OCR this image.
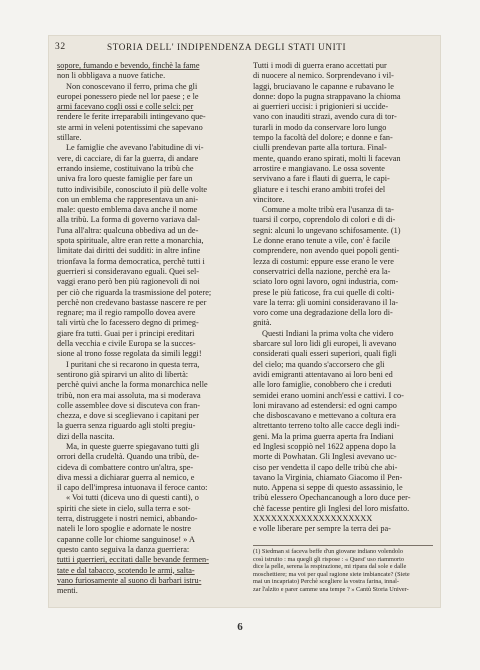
32	STORIA DELL' INDIPENDENZA DEGLI STATI UNITI
sopore, fumando e bevendo, finchè la fame
non li obbligava a nuove fatiche.
Non conoscevano il ferro, prima che gli
europei ponessero piede nel lor paese ; e le
armi facevano cogli ossi e colle selci: per
rendere le ferite irreparabili intingevano que-
ste armi in veleni potentissimi che sapevano
stillare.
Le famiglie che avevano l'abitudine di vi-
vere, di cacciare, di far la guerra, di andare
errando insieme, costituivano la tribù che
univa fra loro queste famiglie per fare un
tutto indivisibile, conosciuto il più delle volte
con un emblema che rappresentava un ani-
male: questo emblema dava anche il nome
alla tribù. La forma di governo variava dal-
l'una all'altra: qualcuna obbediva ad un de-
spota spirituale, altre eran rette a monarchia,
limitate dai diritti dei sudditi: in altre infine
trionfava la forma democratica, perchè tutti i
guerrieri si consideravano eguali. Quei sel-
vaggi erano però ben più ragionevoli di noi
per ciò che riguarda la trasmissione del potere;
perchè non credevano bastasse nascere re per
regnare; ma il regio rampollo dovea avere
tali virtù che lo facessero degno di primeg-
giare fra tutti. Guai per i principi ereditari
della vecchia e civile Europa se la succes-
sione al trono fosse regolata da simili leggi!
I puritani che si recarono in questa terra,
sentirono già spirarvi un alito di libertà:
perchè quivi anche la forma monarchica nelle
tribù, non era mai assoluta, ma si moderava
colle assemblee dove si discuteva con fran-
chezza, e dove si sceglievano i capitani per
la guerra senza riguardo agli stolti pregiu-
dizi della nascita.
Ma, in queste guerre spiegavano tutti gli
orrori della crudeltà. Quando una tribù, de-
cideva di combattere contro un'altra, spe-
diva messi a dichiarar guerra al nemico, e
il capo dell'impresa intuonava il feroce canto:
« Voi tutti (diceva uno di questi canti), o
spiriti che siete in cielo, sulla terra e sot-
terra, distruggete i nostri nemici, abbando-
nateli le loro spoglie e adornate le nostre
capanne colle lor chiome sanguinose! » A
questo canto seguiva la danza guerriera:
tutti i guerrieri, eccitati dalle bevande fermen-
tate e dal tabacco, scotendo le armi, salta-
vano furiosamente al suono di barbari istru-
menti.
Tutti i modi di guerra erano accettati pur
di nuocere al nemico. Sorprendevano i vil-
laggi, bruciavano le capanne e rubavano le
donne: dopo la pugna strappavano la chioma
ai guerrieri uccisi: i prigionieri si uccide-
vano con inauditi strazi, avendo cura di tor-
turarli in modo da conservare loro lungo
tempo la facoltà del dolore; e donne e fan-
ciulli prendevan parte alla tortura. Final-
mente, quando erano spirati, molti li facevan
arrostire e mangiavano. Le ossa sovente
servivano a fare i flauti di guerra, le capi-
gliature e i teschi erano ambiti trofei del
vincitore.
Comune a molte tribù era l'usanza di ta-
tuarsi il corpo, coprendolo di colori e di di-
segni: alcuni lo ungevano schifosamente. (1)
Le donne erano tenute a vile, con' è facile
comprendere, non avendo quei popoli genti-
lezza di costumi: eppure esse erano le vere
conservatrici della nazione, perchè era la-
sciato loro ogni lavoro, ogni industria, com-
prese le più faticose, fra cui quelle di colti-
vare la terra: gli uomini consideravano il la-
voro come una degradazione della loro di-
gnità.
Questi Indiani la prima volta che videro
sbarcare sul loro lidi gli europei, li avevano
considerati quali esseri superiori, quali figli
del cielo; ma quando s'accorsero che gli
avidi emigranti attentavano ai loro beni ed
alle loro famiglie, conobbero che i creduti
semidei erano uomini anch'essi e cattivi. I co-
loni miravano ad estendersi: ed ogni campo
che disboscavano e mettevano a coltura era
altrettanto terreno tolto alle cacce degli indi-
geni. Ma la prima guerra aperta fra Indiani
ed Inglesi scoppiò nel 1622 appena dopo la
morte di Powhatan. Gli Inglesi avevano uc-
ciso per vendetta il capo delle tribù che abi-
tavano la Virginia, chiamato Giacomo il Pen-
nuto. Appena si seppe di questo assassinio, le
tribù elessero Opechancanough a loro duce per-
chè facesse pentire gli Inglesi del loro misfatto.
XXXXXXXXXXXXXXXXXXXX
e volle liberare per sempre la terra dei pa-
(1) Siedman si faceva beffe d'un giovane indiano volendolo
così istruito : ma quegli gli rispose : « Quest' uso riammorto
dice la pelle, serena la respirazione, mi ripara dal sole e dalle
moschettiere; ma voi per qual ragione siete imbiancate? (Siete
mai un incapriato) Perchè scegliere la vostra farina, innal-
zar l'alzito e parer camme una tempe ? » Cantù Storia Univer-
6
